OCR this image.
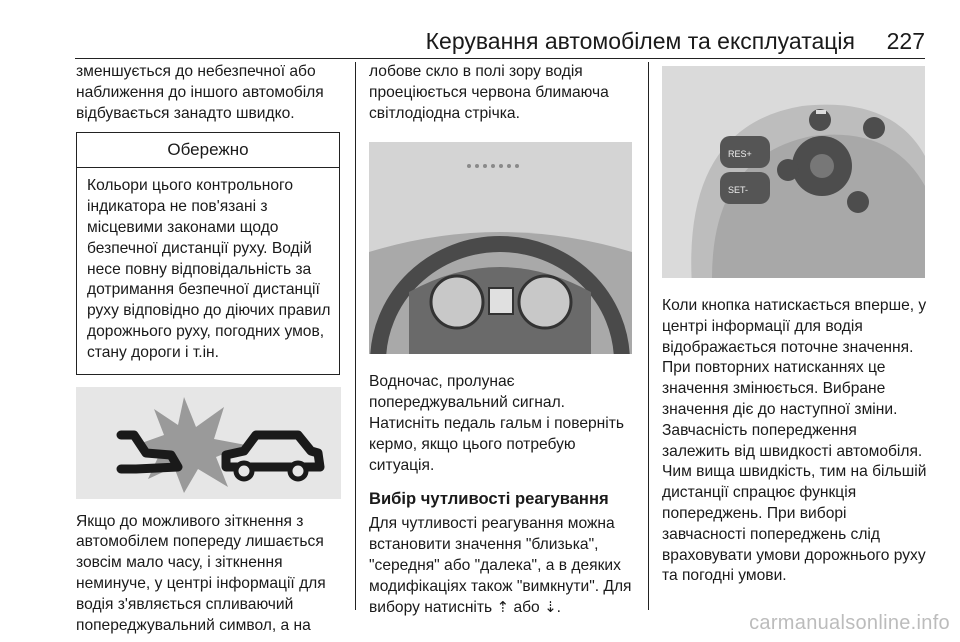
Керування автомобілем та експлуатація 227

зменшується до небезпечної або наближення до іншого автомобіля відбувається занадто швидко.

Обережно
Кольори цього контрольного індикатора не пов'язані з місцевими законами щодо безпечної дистанції руху. Водій несе повну відповідальність за дотримання безпечної дистанції руху відповідно до діючих правил дорожнього руху, погодних умов, стану дороги і т.ін.

Якщо до можливого зіткнення з автомобілем попереду лишається зовсім мало часу, і зіткнення неминуче, у центрі інформації для водія з'являється спливаючий попереджувальний символ, а на

лобове скло в полі зору водія проеціюється червона блимаюча світлодіодна стрічка.

Водночас, пролунає попереджувальний сигнал. Натисніть педаль гальм і поверніть кермо, якщо цього потребую ситуація.

Вибір чутливості реагування

Для чутливості реагування можна встановити значення "близька", "середня" або "далека", а в деяких модифікаціях також "вимкнути". Для вибору натисніть ⇡ або ⇣.

RES+
SET-

Коли кнопка натискається вперше, у центрі інформації для водія відображається поточне значення. При повторних натисканнях це значення змінюється. Вибране значення діє до наступної зміни. Завчасність попередження залежить від швидкості автомобіля. Чим вища швидкість, тим на більшій дистанції спрацює функція попереджень. При виборі завчасності попереджень слід враховувати умови дорожнього руху та погодні умови.

carmanualsonline.info
